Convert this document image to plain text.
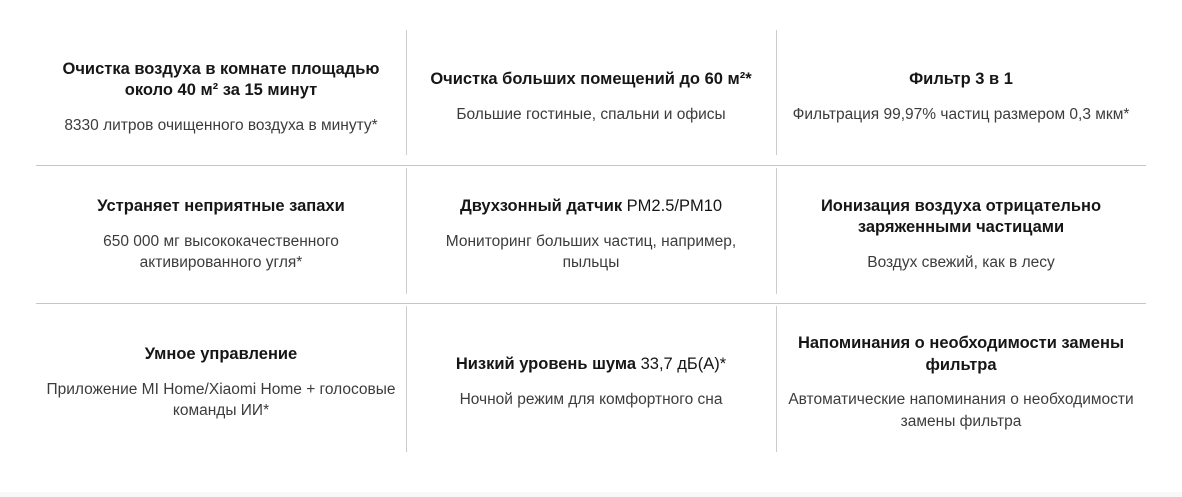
Очистка воздуха в комнате площадью около 40 м² за 15 минут
8330 литров очищенного воздуха в минуту*
Очистка больших помещений до 60 м²*
Большие гостиные, спальни и офисы
Фильтр 3 в 1
Фильтрация 99,97% частиц размером 0,3 мкм*
Устраняет неприятные запахи
650 000 мг высококачественного активированного угля*
Двухзонный датчик PM2.5/PM10
Мониторинг больших частиц, например, пыльцы
Ионизация воздуха отрицательно заряженными частицами
Воздух свежий, как в лесу
Умное управление
Приложение MI Home/Xiaomi Home + голосовые команды ИИ*
Низкий уровень шума 33,7 дБ(А)*
Ночной режим для комфортного сна
Напоминания о необходимости замены фильтра
Автоматические напоминания о необходимости замены фильтра
